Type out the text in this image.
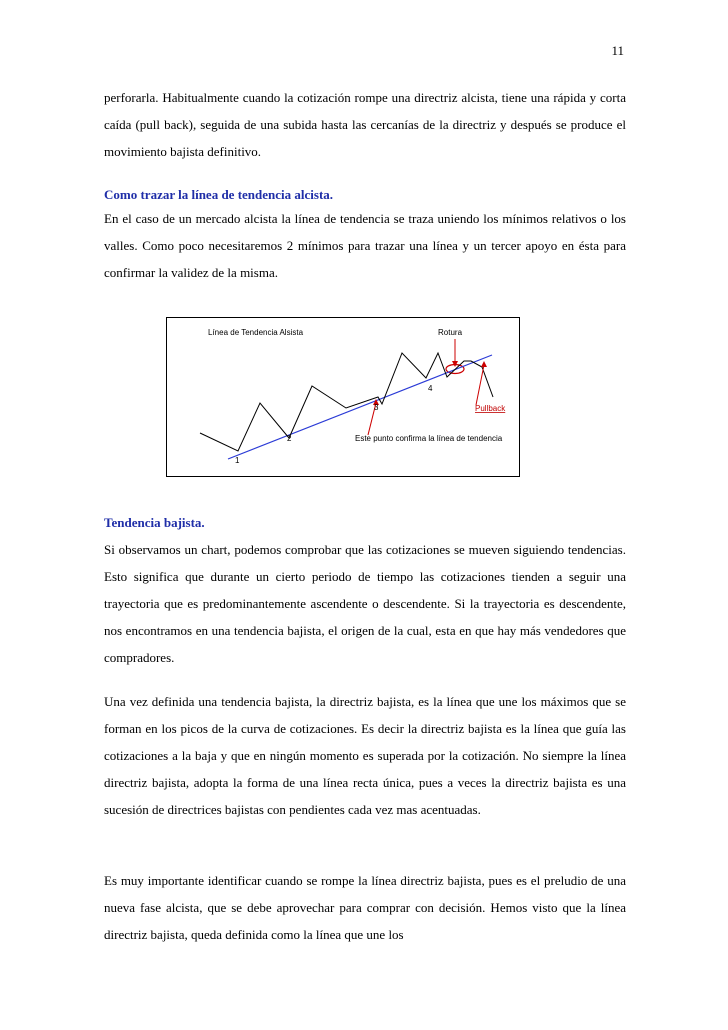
11

perforarla. Habitualmente cuando la cotización rompe una directriz alcista, tiene una rápida y corta caída (pull back), seguida de una subida hasta las cercanías de la directriz y después se produce el movimiento bajista definitivo.

Como trazar la línea de tendencia alcista.

En el caso de un mercado alcista la línea de tendencia se traza uniendo los mínimos relativos o los valles. Como poco necesitaremos 2 mínimos para trazar una línea y un tercer apoyo en ésta para confirmar la validez de la misma.

Línea de Tendencia Alsista	Rotura
1
2
3
4
Pullback
Este punto confirma la línea de tendencia
Tendencia bajista.

Si observamos un chart, podemos comprobar que las cotizaciones se mueven siguiendo tendencias. Esto significa que durante un cierto periodo de tiempo las cotizaciones tienden a seguir una trayectoria que es predominantemente ascendente o descendente. Si la trayectoria es descendente, nos encontramos en una tendencia bajista, el origen de la cual, esta en que hay más vendedores que compradores.

Una vez definida una tendencia bajista, la directriz bajista, es la línea que une los máximos que se forman en los picos de la curva de cotizaciones. Es decir la directriz bajista es la línea que guía las cotizaciones a la baja y que en ningún momento es superada por la cotización. No siempre la línea directriz bajista, adopta la forma de una línea recta única, pues a veces la directriz bajista es una sucesión de directrices bajistas con pendientes cada vez mas acentuadas.

Es muy importante identificar cuando se rompe la línea directriz bajista, pues es el preludio de una nueva fase alcista, que se debe aprovechar para comprar con decisión. Hemos visto que la línea directriz bajista, queda definida como la línea que une los
